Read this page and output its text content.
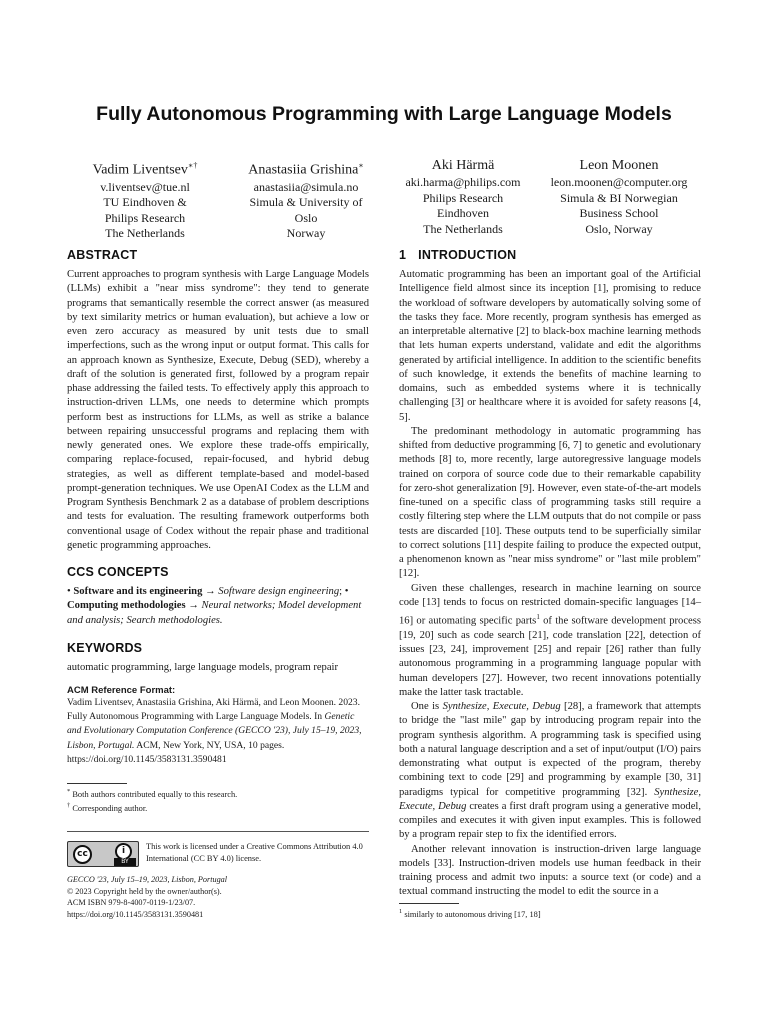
Fully Autonomous Programming with Large Language Models
Vadim Liventsev∗†
v.liventsev@tue.nl
TU Eindhoven &
Philips Research
The Netherlands
Anastasiia Grishina∗
anastasiia@simula.no
Simula & University of
Oslo
Norway
Aki Härmä
aki.harma@philips.com
Philips Research
Eindhoven
The Netherlands
Leon Moonen
leon.moonen@computer.org
Simula & BI Norwegian
Business School
Oslo, Norway
ABSTRACT

Current approaches to program synthesis with Large Language Models (LLMs) exhibit a "near miss syndrome": they tend to generate programs that semantically resemble the correct answer (as measured by text similarity metrics or human evaluation), but achieve a low or even zero accuracy as measured by unit tests due to small imperfections, such as the wrong input or output format. This calls for an approach known as Synthesize, Execute, Debug (SED), whereby a draft of the solution is generated first, followed by a program repair phase addressing the failed tests. To effectively apply this approach to instruction-driven LLMs, one needs to determine which prompts perform best as instructions for LLMs, as well as strike a balance between repairing unsuccessful programs and replacing them with newly generated ones. We explore these trade-offs empirically, comparing replace-focused, repair-focused, and hybrid debug strategies, as well as different template-based and model-based prompt-generation techniques. We use OpenAI Codex as the LLM and Program Synthesis Benchmark 2 as a database of problem descriptions and tests for evaluation. The resulting framework outperforms both conventional usage of Codex without the repair phase and traditional genetic programming approaches.

CCS CONCEPTS
• Software and its engineering → Software design engineering; • Computing methodologies → Neural networks; Model development and analysis; Search methodologies.
KEYWORDS
automatic programming, large language models, program repair
ACM Reference Format:
Vadim Liventsev, Anastasiia Grishina, Aki Härmä, and Leon Moonen. 2023. Fully Autonomous Programming with Large Language Models. In Genetic and Evolutionary Computation Conference (GECCO '23), July 15–19, 2023, Lisbon, Portugal. ACM, New York, NY, USA, 10 pages. https://doi.org/10.1145/3583131.3590481
* Both authors contributed equally to this research.
† Corresponding author.
cc	i
BY
This work is licensed under a Creative Commons Attribution 4.0 International (CC BY 4.0) license.
GECCO '23, July 15–19, 2023, Lisbon, Portugal
© 2023 Copyright held by the owner/author(s).
ACM ISBN 979-8-4007-0119-1/23/07.
https://doi.org/10.1145/3583131.3590481
1 INTRODUCTION

Automatic programming has been an important goal of the Artificial Intelligence field almost since its inception [1], promising to reduce the workload of software developers by automatically solving some of the tasks they face. More recently, program synthesis has emerged as an interpretable alternative [2] to black-box machine learning methods that lets human experts understand, validate and edit the algorithms generated by artificial intelligence. In addition to the scientific benefits of such knowledge, it extends the benefits of machine learning to domains, such as embedded systems where it is technically challenging [3] or healthcare where it is avoided for safety reasons [4, 5].

The predominant methodology in automatic programming has shifted from deductive programming [6, 7] to genetic and evolutionary methods [8] to, more recently, large autoregressive language models trained on corpora of source code due to their remarkable capability for zero-shot generalization [9]. However, even state-of-the-art models fine-tuned on a specific class of programming tasks still require a costly filtering step where the LLM outputs that do not compile or pass tests are discarded [10]. These outputs tend to be superficially similar to correct solutions [11] despite failing to produce the expected output, a phenomenon known as "near miss syndrome" or "last mile problem" [12].

Given these challenges, research in machine learning on source code [13] tends to focus on restricted domain-specific languages [14–16] or automating specific parts$^1$ of the software development process [19, 20] such as code search [21], code translation [22], detection of issues [23, 24], improvement [25] and repair [26] rather than fully autonomous programming in a programming language popular with human developers [27]. However, two recent innovations potentially make the latter task tractable.

One is Synthesize, Execute, Debug [28], a framework that attempts to bridge the "last mile" gap by introducing program repair into the program synthesis algorithm. A programming task is specified using both a natural language description and a set of input/output (I/O) pairs demonstrating what output is expected of the program, thereby combining text to code [29] and programming by example [30, 31] paradigms typical for competitive programming [32]. Synthesize, Execute, Debug creates a first draft program using a generative model, compiles and executes it with given input examples. This is followed by a program repair step to fix the identified errors.

Another relevant innovation is instruction-driven large language models [33]. Instruction-driven models use human feedback in their training process and admit two inputs: a source text (or code) and a textual command instructing the model to edit the source in a

$^1$ similarly to autonomous driving [17, 18]
